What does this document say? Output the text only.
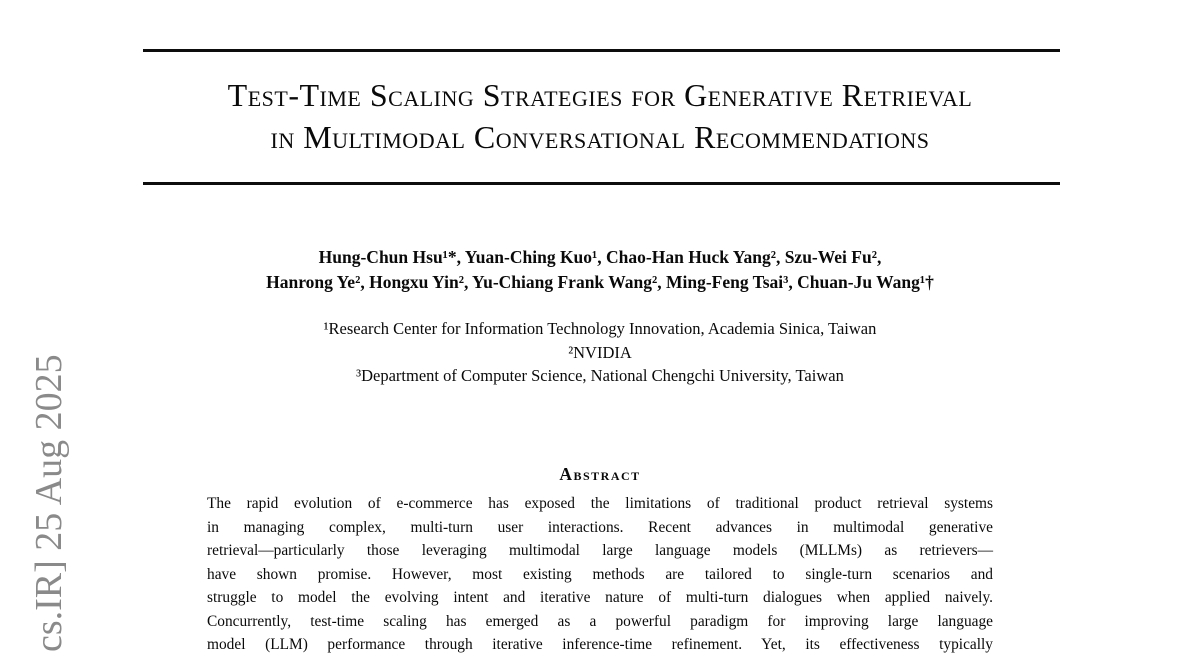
cs.IR] 25 Aug 2025
Test-Time Scaling Strategies for Generative Retrieval
in Multimodal Conversational Recommendations
Hung-Chun Hsu¹*, Yuan-Ching Kuo¹, Chao-Han Huck Yang², Szu-Wei Fu²,
Hanrong Ye², Hongxu Yin², Yu-Chiang Frank Wang², Ming-Feng Tsai³, Chuan-Ju Wang¹†
¹Research Center for Information Technology Innovation, Academia Sinica, Taiwan
²NVIDIA
³Department of Computer Science, National Chengchi University, Taiwan
Abstract
The rapid evolution of e-commerce has exposed the limitations of traditional product retrieval systems
in managing complex, multi-turn user interactions. Recent advances in multimodal generative
retrieval—particularly those leveraging multimodal large language models (MLLMs) as retrievers—
have shown promise. However, most existing methods are tailored to single-turn scenarios and
struggle to model the evolving intent and iterative nature of multi-turn dialogues when applied naively.
Concurrently, test-time scaling has emerged as a powerful paradigm for improving large language
model (LLM) performance through iterative inference-time refinement. Yet, its effectiveness typically
